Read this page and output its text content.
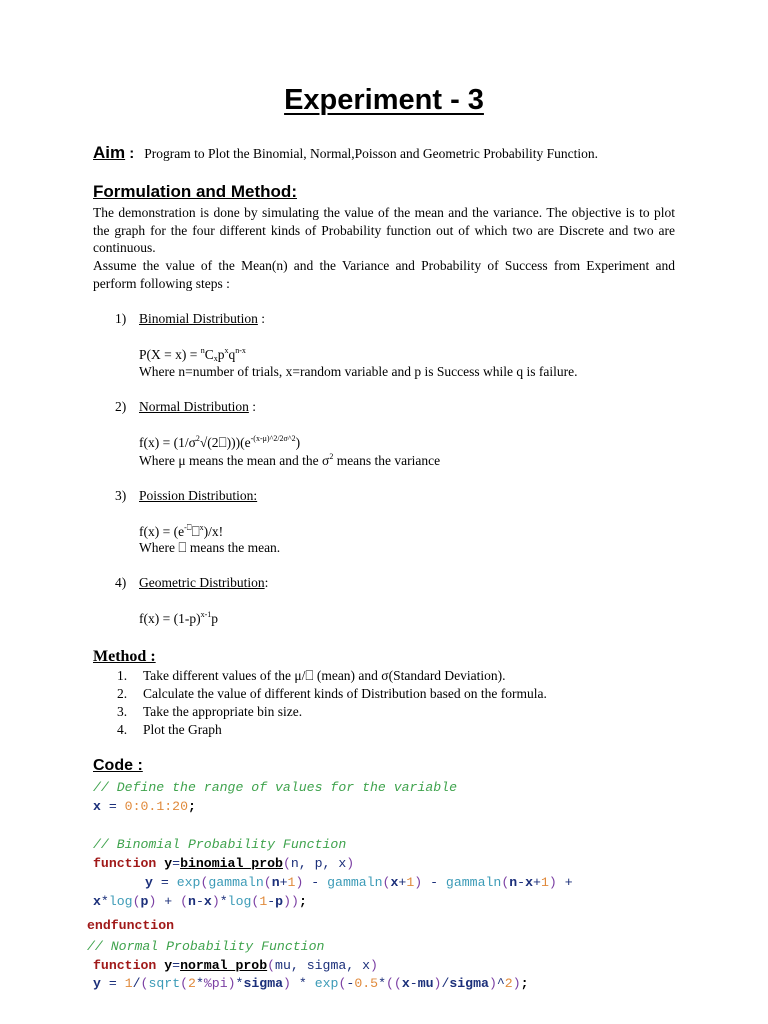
Experiment - 3
Aim : Program to Plot the Binomial, Normal,Poisson and Geometric Probability Function.
Formulation and Method:
The demonstration is done by simulating the value of the mean and the variance. The objective is to plot the graph for the four different kinds of Probability function out of which two are Discrete and two are continuous.
Assume the value of the Mean(n) and the Variance and Probability of Success from Experiment and perform following steps :
1) Binomial Distribution :
$P(X = x) = ^nC_xp^xq^{n-x}$
Where n=number of trials, x=random variable and p is Success while q is failure.
2) Normal Distribution :
$f(x) = (1/\sigma^2√(2⎕)))(e^{-(x-\mu)\^{}2/2\sigma\^{}2})$
Where μ means the mean and the $\sigma^2$ means the variance
3) Poission Distribution:
f(x) = (e-⎕⎕$^x$)/x!
Where ⎕ means the mean.
4) Geometric Distribution:
$f(x) = (1-p)^{x-1}p$
Method :
1. Take different values of the μ/⎕ (mean) and σ(Standard Deviation).
2. Calculate the value of different kinds of Distribution based on the formula.
3. Take the appropriate bin size.
4. Plot the Graph
Code :
// Define the range of values for the variable
x = 0:0.1:20;
// Binomial Probability Function
function y=binomial_prob(n, p, x)
y = exp(gammaln(n+1) - gammaln(x+1) - gammaln(n-x+1) +
x*log(p) + (n-x)*log(1-p));
endfunction
// Normal Probability Function
function y=normal_prob(mu, sigma, x)
y = 1/(sqrt(2*%pi)*sigma) * exp(-0.5*((x-mu)/sigma)^2);
